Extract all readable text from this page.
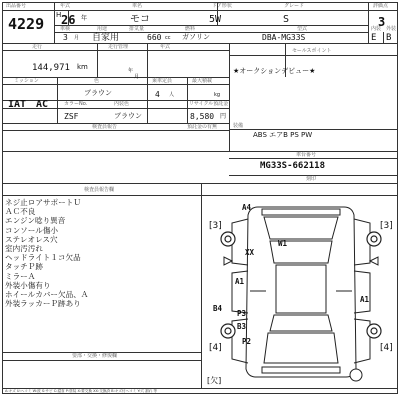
出品番号
4229
年式
H 26 年
車名
モコ
ドア形状
5W
グレード
S
評価点
3
車検
3 月
用途
自家用
排気量
660 cc
燃料
ガソリン
型式
DBA-MG33S
内装 外装
E B
走行
144,971 km
走行管理
年
月
年式
ミッション
IAT AC
色
ブラウン
乗車定員
4 人
最大積載
kg
カラーNo.
ZSF
内装色
ブラウン
リサイクル預託金
8,580 円
預託金の有無
検査員報告
セールスポイント
★オークションデビュー★
装備
ABS エアB PS PW
車台番号
MG33S-662118
刻印
検査員報告欄
ネジ止ロアサポートＵ
ＡＣ不良
エンジン唸り異音
コンソール傷小
ステレオレス穴
室内汚汚れ
ヘッドライト１コ欠品
タッチＰ跡
ミラーＡ
外装小傷有り
ホイールカバー欠品、Ａ
外装ラッカーＰ跡あり
要部・交換・修復欄
[3]	[3]
[4]	[4]
[欠]
A4
W1
XX
A1
A1
B4
P3
B3
P2
A:キズ U:ヘコミ W:波 S:サビ C:腐食 P:塗装 X:要交換 XX:交換済 B:キズ付ヘコミ Y:穴 割れ 等
